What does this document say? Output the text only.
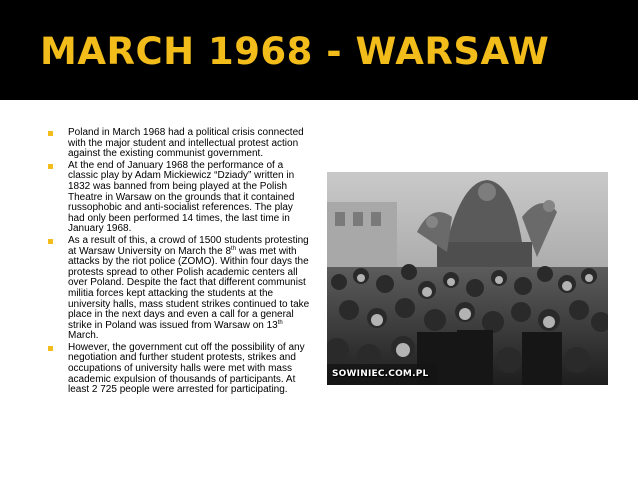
MARCH 1968 - WARSAW
Poland in March 1968 had a political crisis connected with the major student and intellectual protest action against the existing communist government.
At the end of January 1968 the performance of a classic play by Adam Mickiewicz “Dziady” written in 1832 was banned from being played at the Polish Theatre in Warsaw on the grounds that it contained russophobic and anti-socialist references. The play had only been performed 14 times, the last time in January 1968.
As a result of this, a crowd of 1500 students protesting at Warsaw University on March the 8th was met with attacks by the riot police (ZOMO). Within four days the protests spread to other Polish academic centers all over Poland. Despite the fact that different communist militia forces kept attacking the students at the university halls, mass student strikes continued to take place in the next days and even a call for a general strike in Poland was issued from Warsaw on 13th March.
However, the government cut off the possibility of any negotiation and further student protests, strikes and occupations of university halls were met with mass academic expulsion of thousands of participants. At least 2 725 people were arrested for participating.
SOWINIEC.COM.PL
